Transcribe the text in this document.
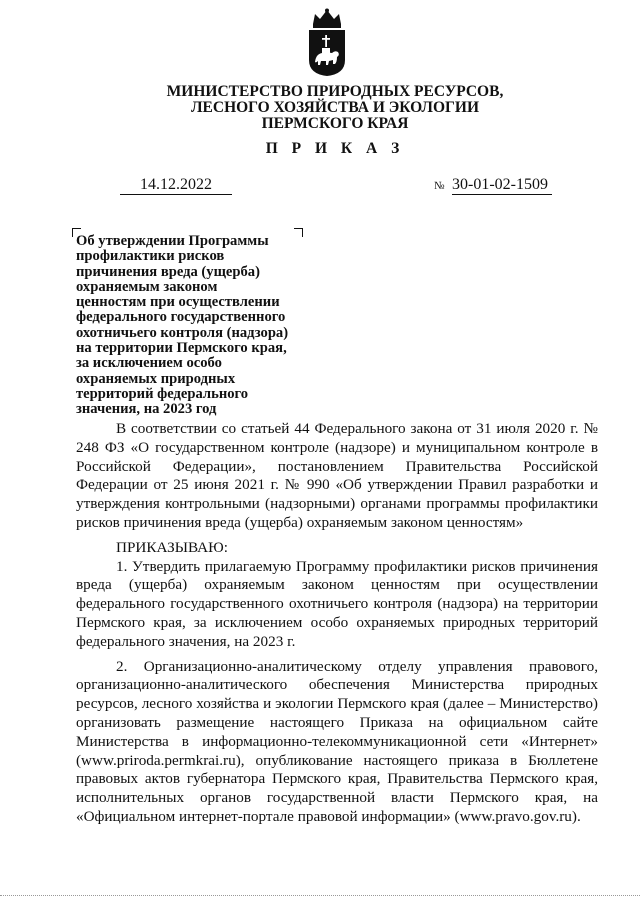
МИНИСТЕРСТВО ПРИРОДНЫХ РЕСУРСОВ,
ЛЕСНОГО ХОЗЯЙСТВА И ЭКОЛОГИИ
ПЕРМСКОГО КРАЯ
П Р И К А З
14.12.2022	№ 30-01-02-1509
Об утверждении Программы
профилактики рисков
причинения вреда (ущерба)
охраняемым законом
ценностям при осуществлении
федерального государственного
охотничьего контроля (надзора)
на территории Пермского края,
за исключением особо
охраняемых природных
территорий федерального
значения, на 2023 год

В соответствии со статьей 44 Федерального закона от 31 июля 2020 г. № 248 ФЗ «О государственном контроле (надзоре) и муниципальном контроле в Российской Федерации», постановлением Правительства Российской Федерации от 25 июня 2021 г. № 990 «Об утверждении Правил разработки и утверждения контрольными (надзорными) органами программы профилактики рисков причинения вреда (ущерба) охраняемым законом ценностям»

ПРИКАЗЫВАЮ:

1. Утвердить прилагаемую Программу профилактики рисков причинения вреда (ущерба) охраняемым законом ценностям при осуществлении федерального государственного охотничьего контроля (надзора) на территории Пермского края, за исключением особо охраняемых природных территорий федерального значения, на 2023 г.

2. Организационно-аналитическому отделу управления правового, организационно-аналитического обеспечения Министерства природных ресурсов, лесного хозяйства и экологии Пермского края (далее – Министерство) организовать размещение настоящего Приказа на официальном сайте Министерства в информационно-телекоммуникационной сети «Интернет» (www.priroda.permkrai.ru), опубликование настоящего приказа в Бюллетене правовых актов губернатора Пермского края, Правительства Пермского края, исполнительных органов государственной власти Пермского края, на «Официальном интернет-портале правовой информации» (www.pravo.gov.ru).
